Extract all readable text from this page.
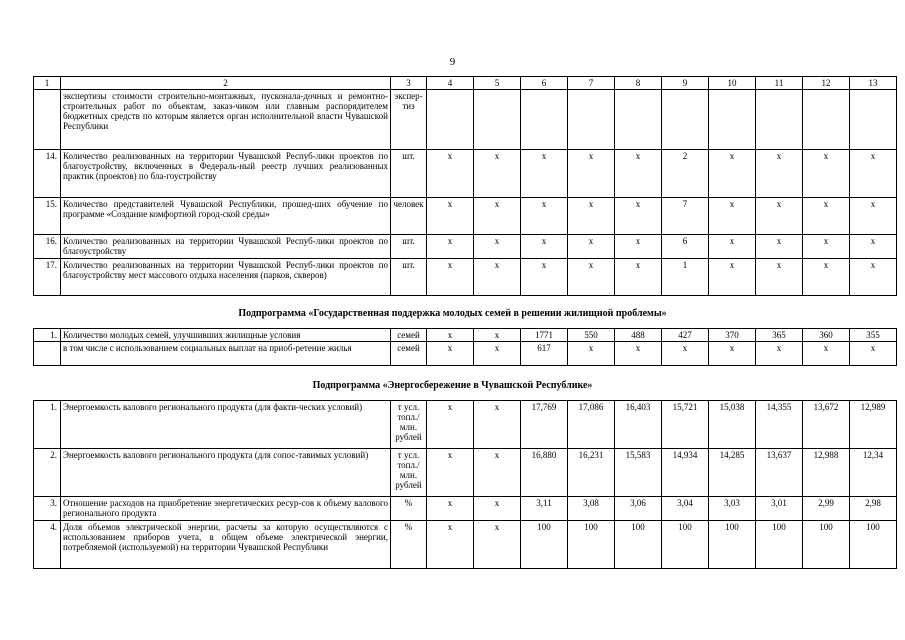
9
1	2	3	4	5	6	7	8	9	10	11	12	13
	экспертизы стоимости строительно-монтажных, пусконала-дочных и ремонтно-строительных работ по объектам, заказ-чиком или главным распорядителем бюджетных средств по которым является орган исполнительной власти Чувашской Республики	экспер-тиз										
14.	Количество реализованных на территории Чувашской Респуб-лики проектов по благоустройству, включенных в Федераль-ный реестр лучших реализованных практик (проектов) по бла-гоустройству	шт.	х	х	х	х	х	2	х	х	х	х
15.	Количество представителей Чувашской Республики, прошед-ших обучение по программе «Создание комфортной город-ской среды»	человек	х	х	х	х	х	7	х	х	х	х
16.	Количество реализованных на территории Чувашской Респуб-лики проектов по благоустройству	шт.	х	х	х	х	х	6	х	х	х	х
17.	Количество реализованных на территории Чувашской Респуб-лики проектов по благоустройству мест массового отдыха населения (парков, скверов)	шт.	х	х	х	х	х	1	х	х	х	х
Подпрограмма «Государственная поддержка молодых семей в решении жилищной проблемы»
1.	Количество молодых семей, улучшивших жилищные условия	семей	х	х	1771	550	488	427	370	365	360	355
	в том числе с использованием социальных выплат на приоб-ретение жилья	семей	х	х	617	х	х	х	х	х	х	х
Подпрограмма «Энергосбережение в Чувашской Республике»
1.	Энергоемкость валового регионального продукта (для факти-ческих условий)	т усл. топл./ млн. рублей	х	х	17,769	17,086	16,403	15,721	15,038	14,355	13,672	12,989
2.	Энергоемкость валового регионального продукта (для сопос-тавимых условий)	т усл. топл./ млн. рублей	х	х	16,880	16,231	15,583	14,934	14,285	13,637	12,988	12,34
3.	Отношение расходов на приобретение энергетических ресур-сов к объему валового регионального продукта	%	х	х	3,11	3,08	3,06	3,04	3,03	3,01	2,99	2,98
4.	Доля объемов электрической энергии, расчеты за которую осуществляются с использованием приборов учета, в общем объеме электрической энергии, потребляемой (используемой) на территории Чувашской Республики	%	х	х	100	100	100	100	100	100	100	100
